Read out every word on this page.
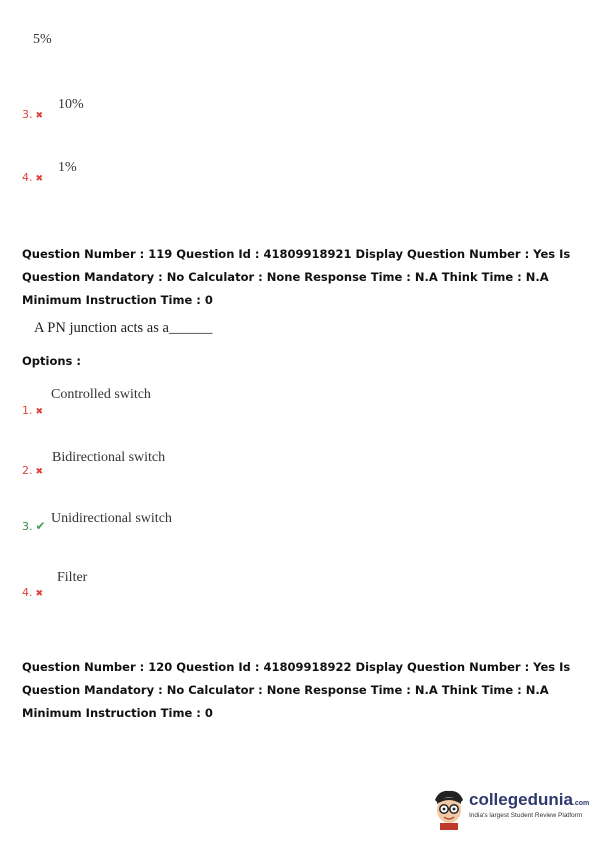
5%
3. ✖
10%
4. ✖
1%
Question Number : 119 Question Id : 41809918921 Display Question Number : Yes Is Question Mandatory : No Calculator : None Response Time : N.A Think Time : N.A Minimum Instruction Time : 0
A PN junction acts as a______
Options :
1. ✖
Controlled switch
2. ✖
Bidirectional switch
3. ✔ Unidirectional switch
4. ✖
Filter
Question Number : 120 Question Id : 41809918922 Display Question Number : Yes Is Question Mandatory : No Calculator : None Response Time : N.A Think Time : N.A Minimum Instruction Time : 0
collegedunia.com
India's largest Student Review Platform
